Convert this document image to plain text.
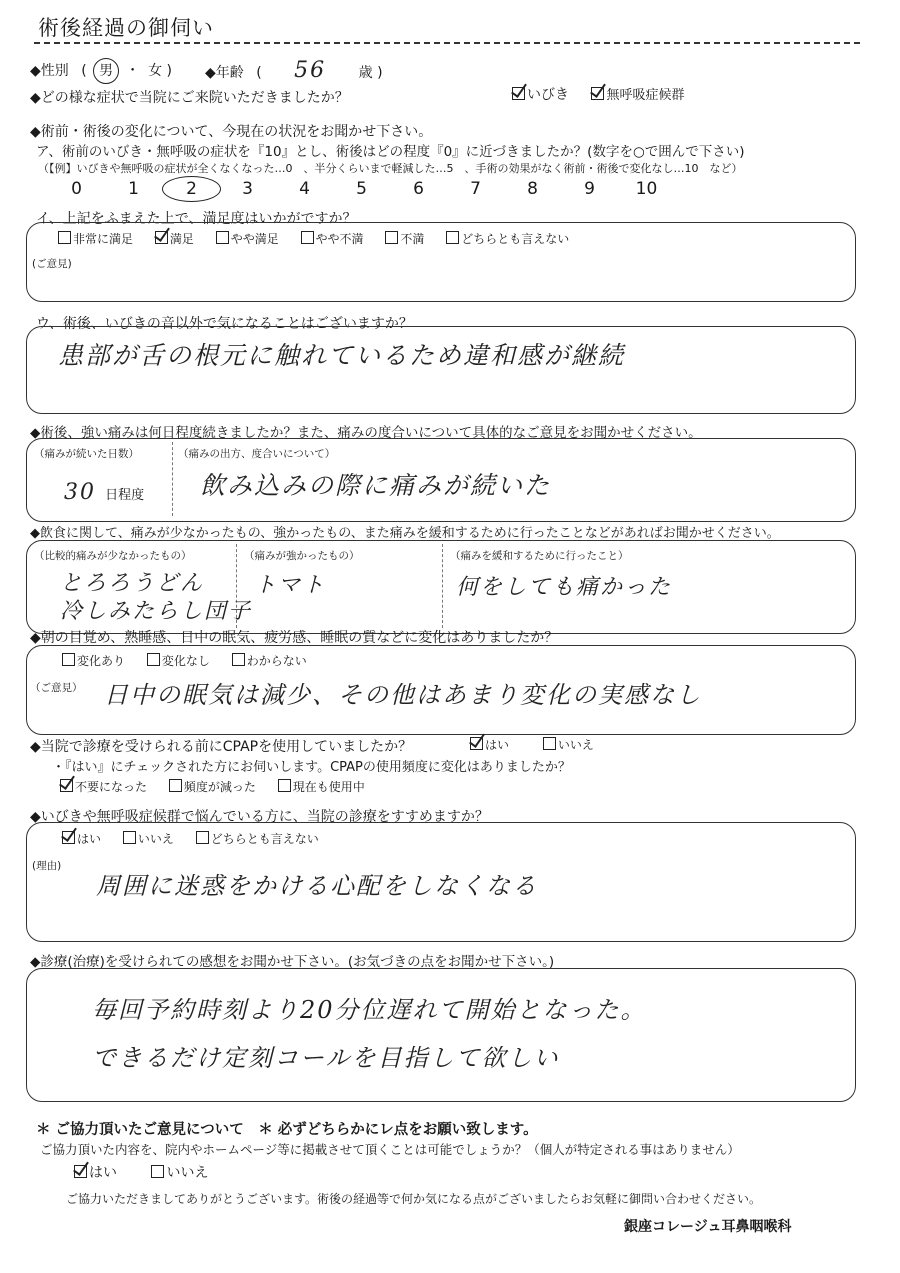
術後経過の御伺い
◆性別 ( 男 ・ 女 ) ◆年齢 ( 56 歳 )
◆どの様な症状で当院にご来院いただきましたか？	いびき	無呼吸症候群
◆術前・術後の変化について、今現在の状況をお聞かせ下さい。
ア、術前のいびき・無呼吸の症状を『10』とし、術後はどの程度『0』に近づきましたか？(数字を○で囲んで下さい)
（【例】いびきや無呼吸の症状が全くなくなった…0　、半分くらいまで軽減した…5　、手術の効果がなく術前・術後で変化なし…10　など）
0	1	2	3	4	5	6	7	8	9 10
イ、上記をふまえた上で、満足度はいかがですか？
非常に満足	満足	やや満足	やや不満	不満	どちらとも言えない
(ご意見)
ウ、術後、いびきの音以外で気になることはございますか？
患部が舌の根元に触れているため違和感が継続
◆術後、強い痛みは何日程度続きましたか？また、痛みの度合いについて具体的なご意見をお聞かせください。
（痛みが続いた日数）
30 日程度
（痛みの出方、度合いについて）
飲み込みの際に痛みが続いた
◆飲食に関して、痛みが少なかったもの、強かったもの、また痛みを緩和するために行ったことなどがあればお聞かせください。
（比較的痛みが少なかったもの）
とろろうどん
冷しみたらし団子
（痛みが強かったもの）
トマト
（痛みを緩和するために行ったこと）
何をしても痛かった
◆朝の目覚め、熟睡感、日中の眠気、疲労感、睡眠の質などに変化はありましたか？
変化あり	変化なし	わからない
（ご意見） 日中の眠気は減少、その他はあまり変化の実感なし
◆当院で診療を受けられる前にCPAPを使用していましたか？	はい	いいえ
・『はい』にチェックされた方にお伺いします。CPAPの使用頻度に変化はありましたか？
不要になった	頻度が減った	現在も使用中
◆いびきや無呼吸症候群で悩んでいる方に、当院の診療をすすめますか？
はい	いいえ	どちらとも言えない
(理由)
周囲に迷惑をかける心配をしなくなる
◆診療(治療)を受けられての感想をお聞かせ下さい。(お気づきの点をお聞かせ下さい。)
毎回予約時刻より20分位遅れて開始となった。
できるだけ定刻コールを目指して欲しい
＊ ご協力頂いたご意見について　＊ 必ずどちらかにレ点をお願い致します。
ご協力頂いた内容を、院内やホームページ等に掲載させて頂くことは可能でしょうか？（個人が特定される事はありません）
はい	いいえ
ご協力いただきましてありがとうございます。術後の経過等で何か気になる点がございましたらお気軽に御問い合わせください。
銀座コレージュ耳鼻咽喉科
